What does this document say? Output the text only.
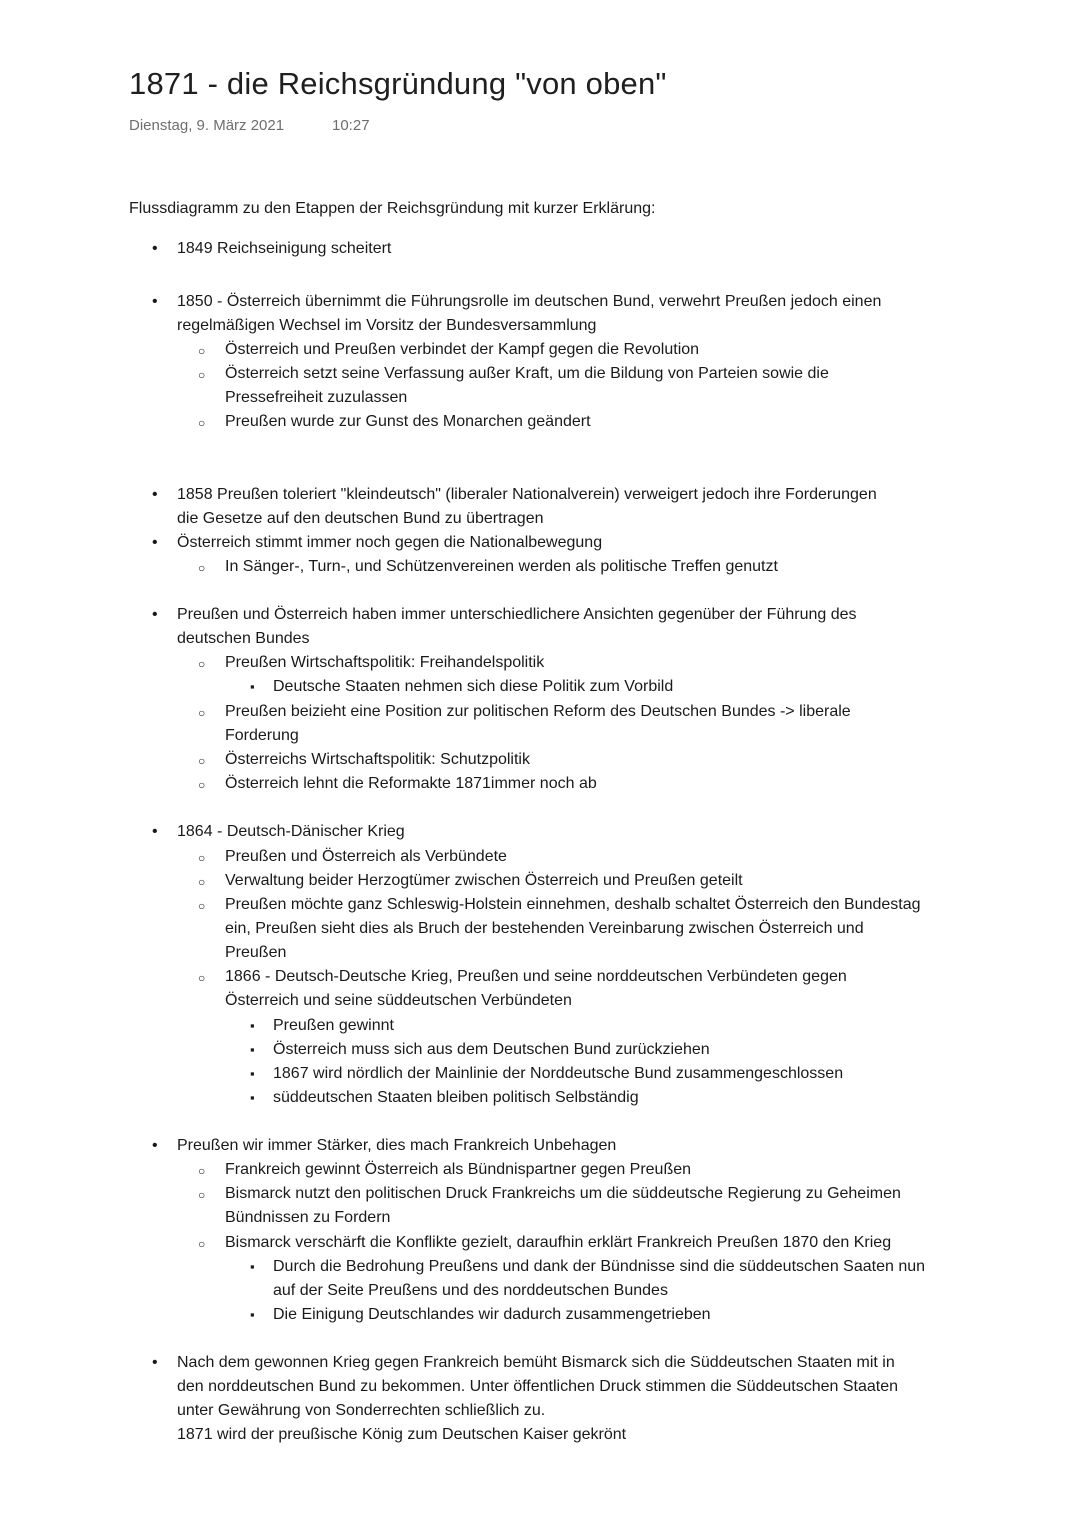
1871 - die Reichsgründung "von oben"
Dienstag, 9. März 2021	10:27

Flussdiagramm zu den Etappen der Reichsgründung mit kurzer Erklärung:

• 1849 Reichseinigung scheitert
• 1850 - Österreich übernimmt die Führungsrolle im deutschen Bund, verwehrt Preußen jedoch einen
regelmäßigen Wechsel im Vorsitz der Bundesversammlung
○ Österreich und Preußen verbindet der Kampf gegen die Revolution
○ Österreich setzt seine Verfassung außer Kraft, um die Bildung von Parteien sowie die
Pressefreiheit zuzulassen
○ Preußen wurde zur Gunst des Monarchen geändert
• 1858 Preußen toleriert "kleindeutsch" (liberaler Nationalverein) verweigert jedoch ihre Forderungen
die Gesetze auf den deutschen Bund zu übertragen
• Österreich stimmt immer noch gegen die Nationalbewegung
○ In Sänger-, Turn-, und Schützenvereinen werden als politische Treffen genutzt
• Preußen und Österreich haben immer unterschiedlichere Ansichten gegenüber der Führung des
deutschen Bundes
○ Preußen Wirtschaftspolitik: Freihandelspolitik
▪ Deutsche Staaten nehmen sich diese Politik zum Vorbild
○ Preußen beizieht eine Position zur politischen Reform des Deutschen Bundes -> liberale
Forderung
○ Österreichs Wirtschaftspolitik: Schutzpolitik
○ Österreich lehnt die Reformakte 1871immer noch ab
• 1864 - Deutsch-Dänischer Krieg
○ Preußen und Österreich als Verbündete
○ Verwaltung beider Herzogtümer zwischen Österreich und Preußen geteilt
○ Preußen möchte ganz Schleswig-Holstein einnehmen, deshalb schaltet Österreich den Bundestag
ein, Preußen sieht dies als Bruch der bestehenden Vereinbarung zwischen Österreich und
Preußen
○ 1866 - Deutsch-Deutsche Krieg, Preußen und seine norddeutschen Verbündeten gegen
Österreich und seine süddeutschen Verbündeten
▪ Preußen gewinnt
▪ Österreich muss sich aus dem Deutschen Bund zurückziehen
▪ 1867 wird nördlich der Mainlinie der Norddeutsche Bund zusammengeschlossen
▪ süddeutschen Staaten bleiben politisch Selbständig
• Preußen wir immer Stärker, dies mach Frankreich Unbehagen
○ Frankreich gewinnt Österreich als Bündnispartner gegen Preußen
○ Bismarck nutzt den politischen Druck Frankreichs um die süddeutsche Regierung zu Geheimen
Bündnissen zu Fordern
○ Bismarck verschärft die Konflikte gezielt, daraufhin erklärt Frankreich Preußen 1870 den Krieg
▪ Durch die Bedrohung Preußens und dank der Bündnisse sind die süddeutschen Saaten nun
auf der Seite Preußens und des norddeutschen Bundes
▪ Die Einigung Deutschlandes wir dadurch zusammengetrieben
• Nach dem gewonnen Krieg gegen Frankreich bemüht Bismarck sich die Süddeutschen Staaten mit in
den norddeutschen Bund zu bekommen. Unter öffentlichen Druck stimmen die Süddeutschen Staaten
unter Gewährung von Sonderrechten schließlich zu.
1871 wird der preußische König zum Deutschen Kaiser gekrönt
